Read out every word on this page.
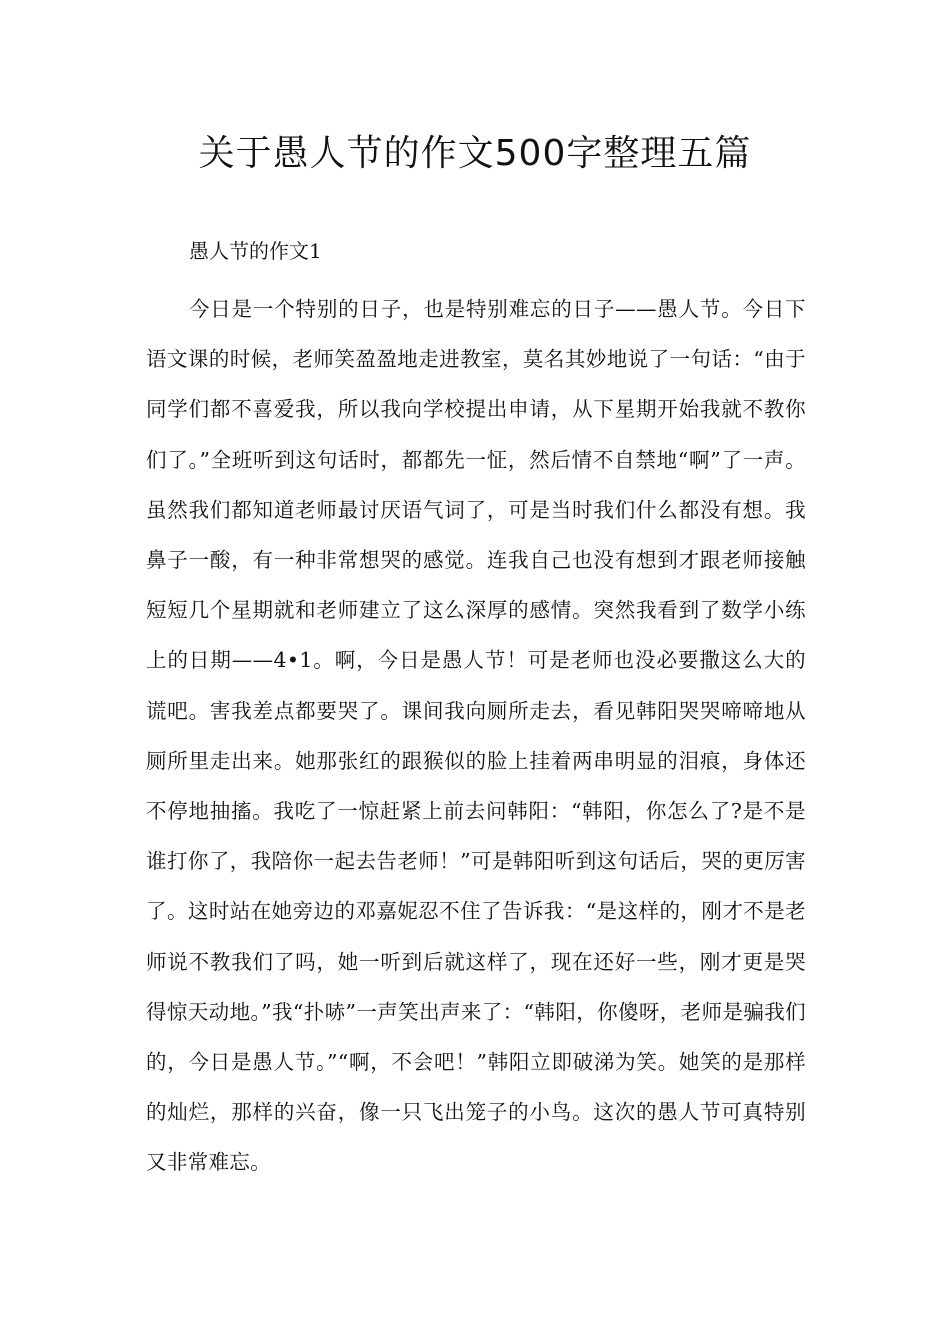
关于愚人节的作文500字整理五篇
愚人节的作文1

今日是一个特别的日子，也是特别难忘的日子——愚人节。今日下语文课的时候，老师笑盈盈地走进教室，莫名其妙地说了一句话：“由于同学们都不喜爱我，所以我向学校提出申请，从下星期开始我就不教你们了。”全班听到这句话时，都都先一怔，然后情不自禁地“啊”了一声。虽然我们都知道老师最讨厌语气词了，可是当时我们什么都没有想。我鼻子一酸，有一种非常想哭的感觉。连我自己也没有想到才跟老师接触短短几个星期就和老师建立了这么深厚的感情。突然我看到了数学小练上的日期——4•1。啊，今日是愚人节！可是老师也没必要撒这么大的谎吧。害我差点都要哭了。课间我向厕所走去，看见韩阳哭哭啼啼地从厕所里走出来。她那张红的跟猴似的脸上挂着两串明显的泪痕，身体还不停地抽搐。我吃了一惊赶紧上前去问韩阳：“韩阳，你怎么了?是不是谁打你了，我陪你一起去告老师！”可是韩阳听到这句话后，哭的更厉害了。这时站在她旁边的邓嘉妮忍不住了告诉我：“是这样的，刚才不是老师说不教我们了吗，她一听到后就这样了，现在还好一些，刚才更是哭得惊天动地。”我“扑哧”一声笑出声来了：“韩阳，你傻呀，老师是骗我们的，今日是愚人节。”“啊，不会吧！”韩阳立即破涕为笑。她笑的是那样的灿烂，那样的兴奋，像一只飞出笼子的小鸟。这次的愚人节可真特别又非常难忘。
